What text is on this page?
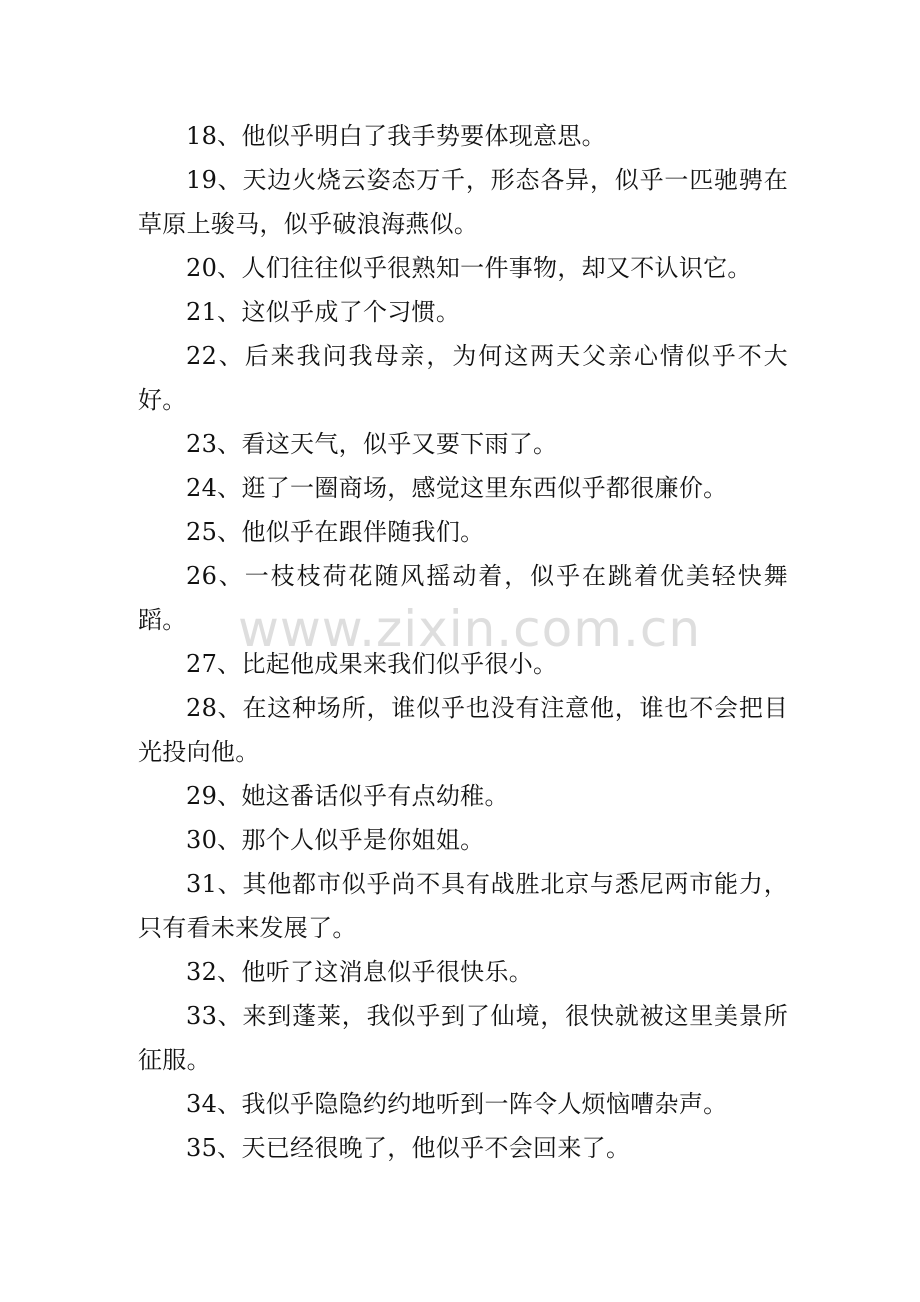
www.zixin.com.cn

18、他似乎明白了我手势要体现意思。

19、天边火烧云姿态万千，形态各异，似乎一匹驰骋在草原上骏马，似乎破浪海燕似。

20、人们往往似乎很熟知一件事物，却又不认识它。

21、这似乎成了个习惯。

22、后来我问我母亲，为何这两天父亲心情似乎不大好。

23、看这天气，似乎又要下雨了。

24、逛了一圈商场，感觉这里东西似乎都很廉价。

25、他似乎在跟伴随我们。

26、一枝枝荷花随风摇动着，似乎在跳着优美轻快舞蹈。

27、比起他成果来我们似乎很小。

28、在这种场所，谁似乎也没有注意他，谁也不会把目光投向他。

29、她这番话似乎有点幼稚。

30、那个人似乎是你姐姐。

31、其他都市似乎尚不具有战胜北京与悉尼两市能力，只有看未来发展了。

32、他听了这消息似乎很快乐。

33、来到蓬莱，我似乎到了仙境，很快就被这里美景所征服。

34、我似乎隐隐约约地听到一阵令人烦恼嘈杂声。

35、天已经很晚了，他似乎不会回来了。
